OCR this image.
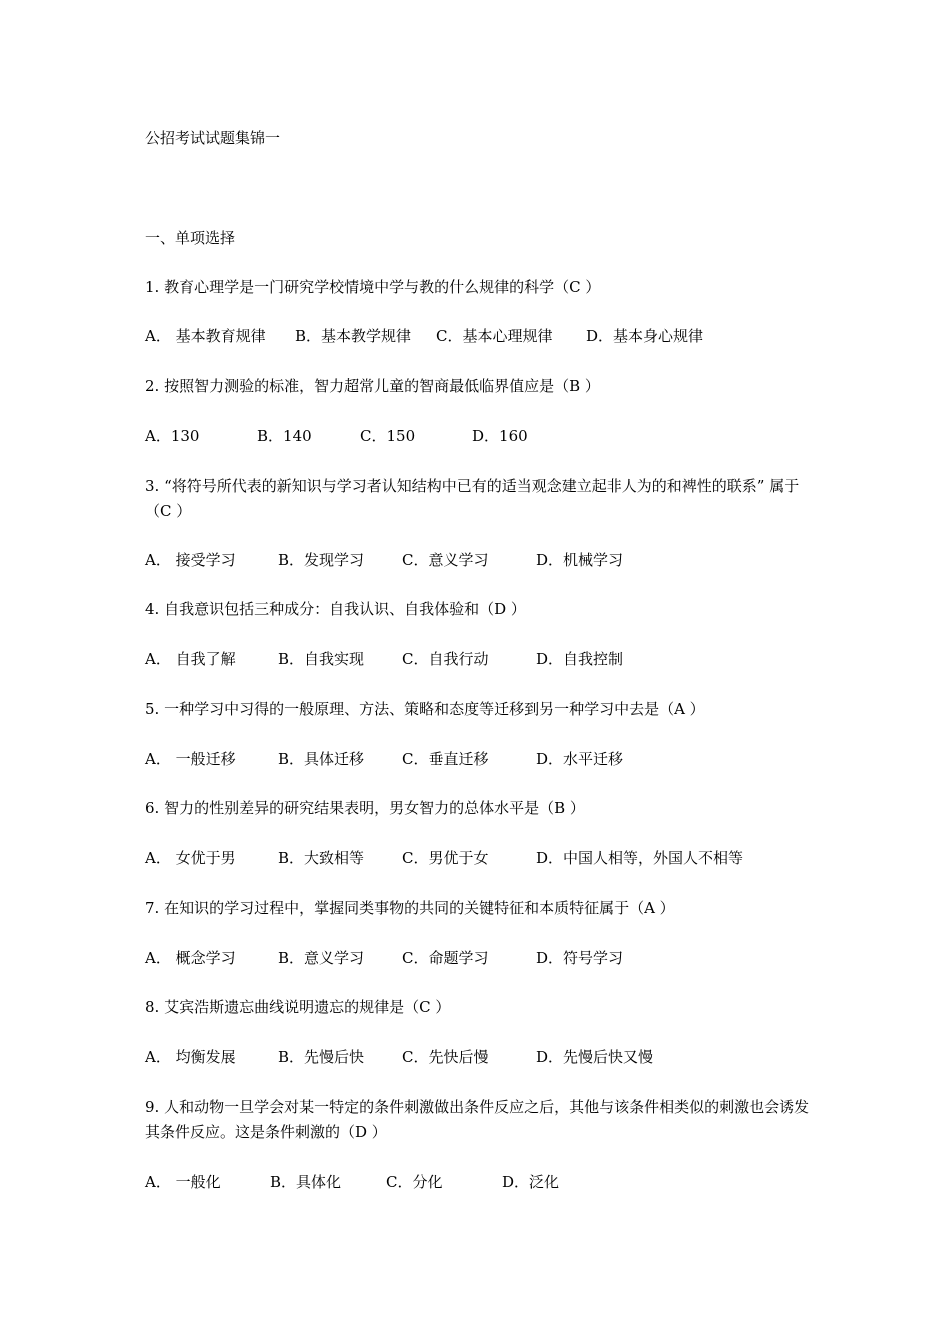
公招考试试题集锦一
一、单项选择
1. 教育心理学是一门研究学校情境中学与教的什么规律的科学（C ）
A． 基本教育规律 B．基本教学规律 C．基本心理规律 D．基本身心规律
2. 按照智力测验的标准，智力超常儿童的智商最低临界值应是（B ）
A．130	B．140	C．150	D．160
3. “将符号所代表的新知识与学习者认知结构中已有的适当观念建立起非人为的和裨性的联系” 属于（C ）
A． 接受学习	B．发现学习	C．意义学习	D．机械学习
4. 自我意识包括三种成分：自我认识、自我体验和（D ）
A． 自我了解	B．自我实现	C．自我行动	D．自我控制
5. 一种学习中习得的一般原理、方法、策略和态度等迁移到另一种学习中去是（A ）
A． 一般迁移	B．具体迁移	C．垂直迁移	D．水平迁移
6. 智力的性别差异的研究结果表明，男女智力的总体水平是（B ）
A． 女优于男	B．大致相等	C．男优于女	D．中国人相等，外国人不相等
7. 在知识的学习过程中，掌握同类事物的共同的关键特征和本质特征属于（A ）
A． 概念学习	B．意义学习	C．命题学习	D．符号学习
8. 艾宾浩斯遗忘曲线说明遗忘的规律是（C ）
A． 均衡发展	B．先慢后快	C．先快后慢	D．先慢后快又慢
9. 人和动物一旦学会对某一特定的条件刺激做出条件反应之后，其他与该条件相类似的刺激也会诱发其条件反应。这是条件刺激的（D ）
A． 一般化	B．具体化	C．分化	D．泛化
